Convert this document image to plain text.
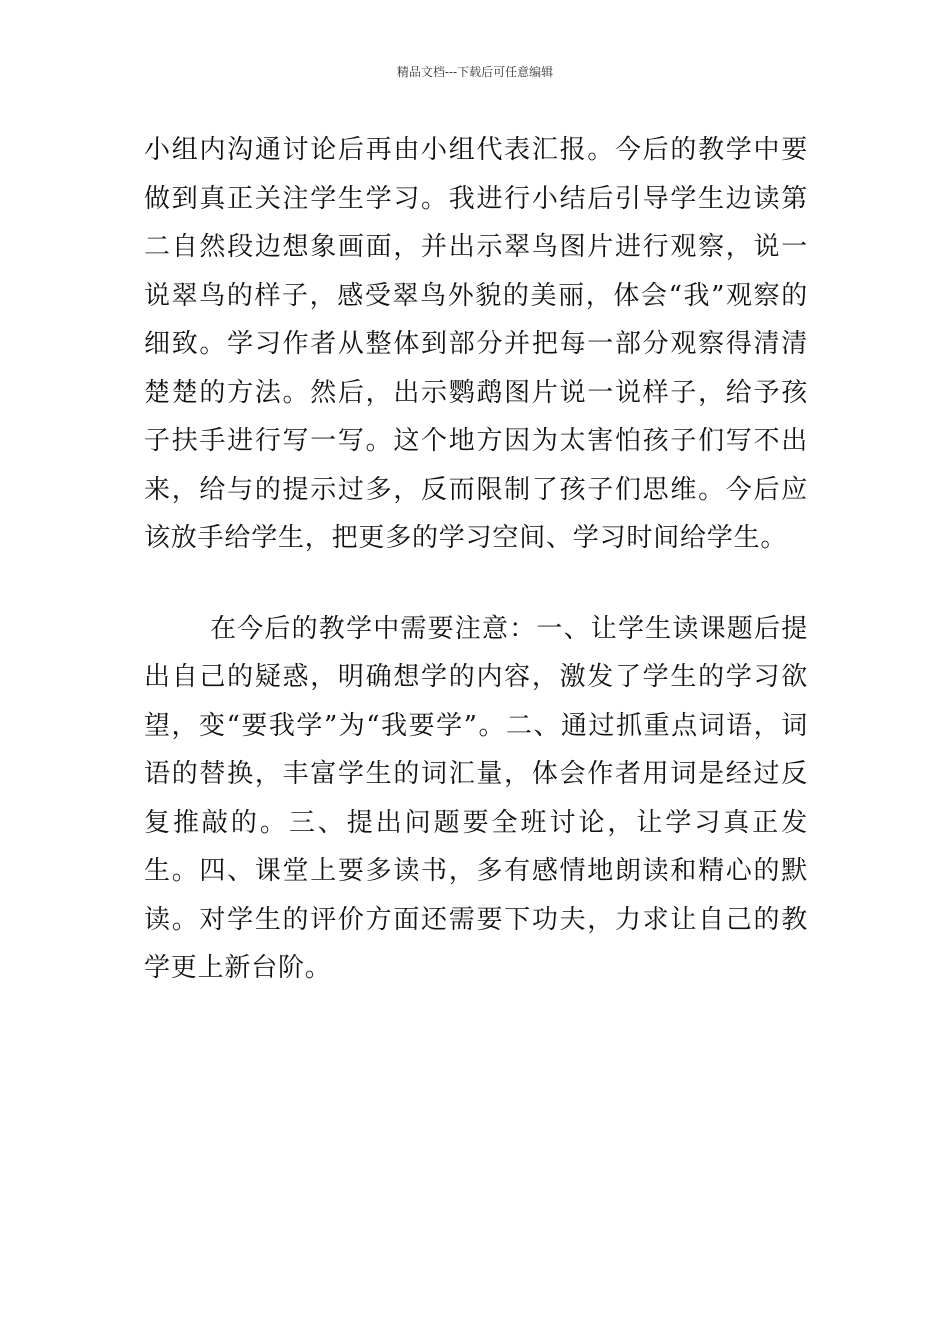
精品文档---下载后可任意编辑

小组内沟通讨论后再由小组代表汇报。今后的教学中要做到真正关注学生学习。我进行小结后引导学生边读第二自然段边想象画面，并出示翠鸟图片进行观察，说一说翠鸟的样子，感受翠鸟外貌的美丽，体会“我”观察的细致。学习作者从整体到部分并把每一部分观察得清清楚楚的方法。然后，出示鹦鹉图片说一说样子，给予孩子扶手进行写一写。这个地方因为太害怕孩子们写不出来，给与的提示过多，反而限制了孩子们思维。今后应该放手给学生，把更多的学习空间、学习时间给学生。

在今后的教学中需要注意：一、让学生读课题后提出自己的疑惑，明确想学的内容，激发了学生的学习欲望，变“要我学”为“我要学”。二、通过抓重点词语，词语的替换，丰富学生的词汇量，体会作者用词是经过反复推敲的。三、提出问题要全班讨论，让学习真正发生。四、课堂上要多读书，多有感情地朗读和精心的默读。对学生的评价方面还需要下功夫，力求让自己的教学更上新台阶。
